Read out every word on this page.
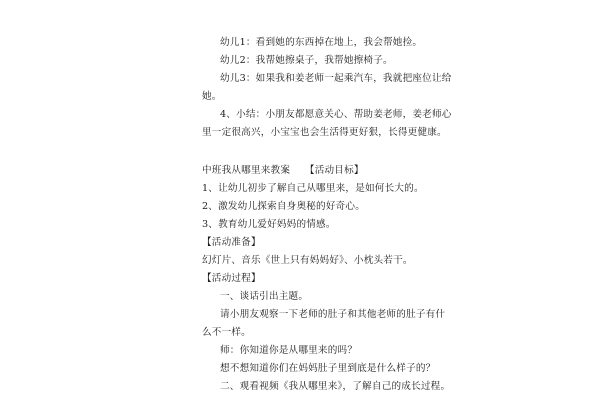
幼儿1：看到她的东西掉在地上，我会帮她捡。
幼儿2：我帮她擦桌子，我帮她擦椅子。
幼儿3：如果我和姜老师一起乘汽车，我就把座位让给
她。
4、小结：小朋友都愿意关心、帮助姜老师，姜老师心
里一定很高兴，小宝宝也会生活得更好狠，长得更健康。
中班我从哪里来教案　　【活动目标】
1、让幼儿初步了解自己从哪里来，是如何长大的。
2、激发幼儿探索自身奥秘的好奇心。
3、教育幼儿爱好妈妈的情感。
【活动准备】
幻灯片、音乐《世上只有妈妈好》、小枕头若干。
【活动过程】
一、谈话引出主题。
请小朋友观察一下老师的肚子和其他老师的肚子有什
么不一样。
师：你知道你是从哪里来的吗？
想不想知道你们在妈妈肚子里到底是什么样子的？
二、观看视频《我从哪里来》，了解自己的成长过程。
